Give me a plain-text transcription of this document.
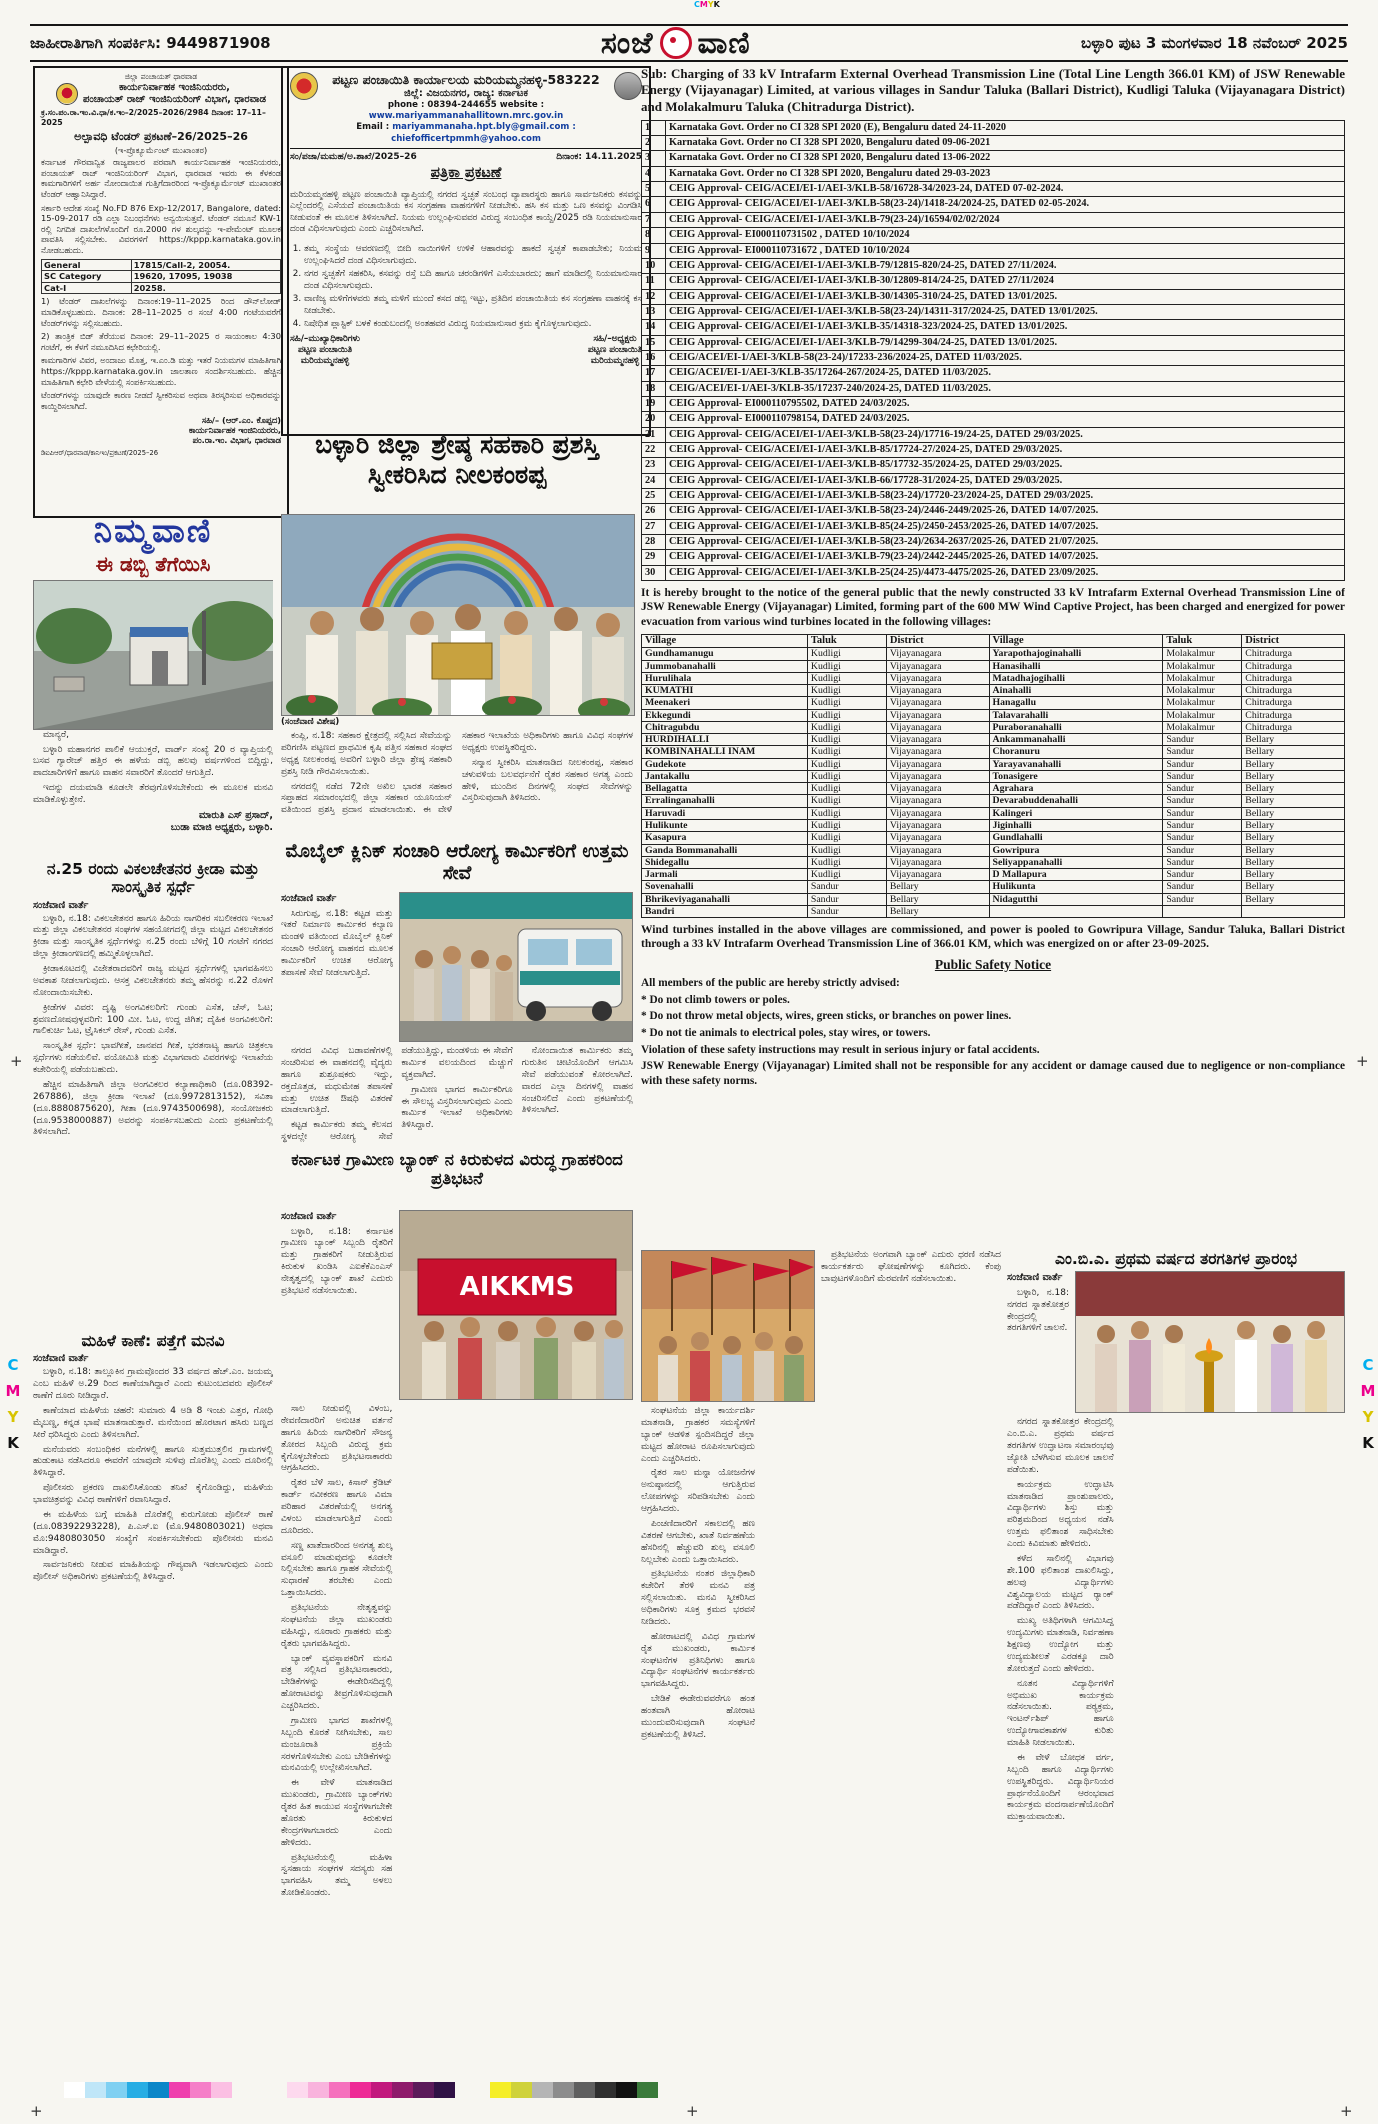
CMYK
C
M
Y
K
C
M
Y
K
+	+
+
+	+
ಜಾಹೀರಾತಿಗಾಗಿ ಸಂಪರ್ಕಿಸಿ: 9449871908	ಸಂಜೆ ವಾಣಿ	ಬಳ್ಳಾರಿ ಪುಟ 3 ಮಂಗಳವಾರ 18 ನವೆಂಬರ್ 2025
ಜಿಲ್ಲಾ ಪಂಚಾಯತ್ ಧಾರವಾಡ
ಕಾರ್ಯನಿರ್ವಾಹಕ ಇಂಜಿನಿಯರರು,
ಪಂಚಾಯತ್ ರಾಜ್ ಇಂಜಿನಿಯರಿಂಗ್ ವಿಭಾಗ, ಧಾರವಾಡ
ಕ್ರ.ಸಂ.ಪಂ.ರಾ.ಇಂ.ವಿ.ಧಾ/ಕ.ಇಂ–2/2025–2026/2984 ದಿನಾಂಕ: 17–11–2025
ಅಲ್ಪಾವಧಿ ಟೆಂಡರ್ ಪ್ರಕಟಣೆ–26/2025–26
(ಇ-ಪ್ರೊಕ್ಯೂರ್ಮೆಂಟ್ ಮುಖಾಂತರ)

ಕರ್ನಾಟಕ ಗೌರವಾನ್ವಿತ ರಾಜ್ಯಪಾಲರ ಪರವಾಗಿ ಕಾರ್ಯನಿರ್ವಾಹಕ ಇಂಜಿನಿಯರರು, ಪಂಚಾಯತ್ ರಾಜ್ ಇಂಜಿನಿಯರಿಂಗ್ ವಿಭಾಗ, ಧಾರವಾಡ ಇವರು ಈ ಕೆಳಕಂಡ ಕಾಮಗಾರಿಗಳಿಗೆ ಅರ್ಹ ನೋಂದಾಯಿತ ಗುತ್ತಿಗೆದಾರರಿಂದ ಇ-ಪ್ರೊಕ್ಯೂರ್ಮೆಂಟ್ ಮುಖಾಂತರ ಟೆಂಡರ್ ಆಹ್ವಾನಿಸಿದ್ದಾರೆ.

ಸರ್ಕಾರಿ ಆದೇಶ ಸಂಖ್ಯೆ No.FD 876 Exp-12/2017, Bangalore, dated: 15-09-2017 ರಡಿ ಎಲ್ಲಾ ನಿಬಂಧನೆಗಳು ಅನ್ವಯಿಸುತ್ತವೆ. ಟೆಂಡರ್ ನಮೂನೆ KW-1 ರಲ್ಲಿ ನಿಗದಿತ ದಾಖಲೆಗಳೊಂದಿಗೆ ರೂ.2000 ಗಳ ಶುಲ್ಕವನ್ನು ಇ-ಪೇಮೆಂಟ್ ಮೂಲಕ ಪಾವತಿಸಿ ಸಲ್ಲಿಸಬೇಕು. ವಿವರಗಳಿಗೆ https://kppp.karnataka.gov.in ನೋಡಬಹುದು.

General	17815/Call-2, 20054.
SC Category	19620, 17095, 19038
Cat-I	20258.

1) ಟೆಂಡರ್ ದಾಖಲೆಗಳನ್ನು ದಿನಾಂಕ:19–11–2025 ರಿಂದ ಡೌನ್‌ಲೋಡ್ ಮಾಡಿಕೊಳ್ಳಬಹುದು. ದಿನಾಂಕ: 28–11–2025 ರ ಸಂಜೆ 4:00 ಗಂಟೆಯವರೆಗೆ ಟೆಂಡರ್‌ಗಳನ್ನು ಸಲ್ಲಿಸಬಹುದು.

2) ತಾಂತ್ರಿಕ ಬಿಡ್ ತೆರೆಯುವ ದಿನಾಂಕ: 29–11–2025 ರ ಸಾಯಂಕಾಲ 4:30 ಗಂಟೆಗೆ, ಈ ಕೆಳಗೆ ನಮೂದಿಸಿದ ಕಛೇರಿಯಲ್ಲಿ.

ಕಾಮಗಾರಿಗಳ ವಿವರ, ಅಂದಾಜು ಮೊತ್ತ, ಇ.ಎಂ.ಡಿ ಮತ್ತು ಇತರೆ ನಿಯಮಗಳ ಮಾಹಿತಿಗಾಗಿ https://kppp.karnataka.gov.in ಜಾಲತಾಣ ಸಂದರ್ಶಿಸಬಹುದು. ಹೆಚ್ಚಿನ ಮಾಹಿತಿಗಾಗಿ ಕಛೇರಿ ವೇಳೆಯಲ್ಲಿ ಸಂಪರ್ಕಿಸಬಹುದು.

ಟೆಂಡರ್‌ಗಳನ್ನು ಯಾವುದೇ ಕಾರಣ ನೀಡದೆ ಸ್ವೀಕರಿಸುವ ಅಥವಾ ತಿರಸ್ಕರಿಸುವ ಅಧಿಕಾರವನ್ನು ಕಾಯ್ದಿರಿಸಲಾಗಿದೆ.

ಸಹಿ/– (ಆರ್.ಎಂ. ಕೊಪ್ಪದ)
ಕಾರ್ಯನಿರ್ವಾಹಕ ಇಂಜಿನಿಯರರು,
ಪಂ.ರಾ.ಇಂ. ವಿಭಾಗ, ಧಾರವಾಡ
ಡಿಐಪಿಆರ್/ಧಾರವಾಡ/ಕಾನಿಇಂ/ಪ್ರಕಟಣೆ/2025–26
ನಿಮ್ಮವಾಣಿ
ಈ ಡಬ್ಬಿ ತೆಗೆಯಿಸಿ

ಮಾನ್ಯರೆ,

ಬಳ್ಳಾರಿ ಮಹಾನಗರ ಪಾಲಿಕೆ ಆಯುಕ್ತರೆ, ವಾರ್ಡ್ ಸಂಖ್ಯೆ 20 ರ ವ್ಯಾಪ್ತಿಯಲ್ಲಿ ಬಸವ ಗ್ಯಾರೇಜ್ ಹತ್ತಿರ ಈ ಹಳೆಯ ಡಬ್ಬಿ ಹಲವು ವರ್ಷಗಳಿಂದ ಬಿದ್ದಿದ್ದು, ಪಾದಚಾರಿಗಳಿಗೆ ಹಾಗೂ ವಾಹನ ಸವಾರರಿಗೆ ತೊಂದರೆ ಆಗುತ್ತಿದೆ.

ಇದನ್ನು ದಯಮಾಡಿ ಕೂಡಲೇ ತೆರವುಗೊಳಿಸಬೇಕೆಂದು ಈ ಮೂಲಕ ಮನವಿ ಮಾಡಿಕೊಳ್ಳುತ್ತೇನೆ.

ಮಾರುತಿ ಎಸ್ ಪ್ರಸಾದ್,
ಬುಡಾ ಮಾಜಿ ಅಧ್ಯಕ್ಷರು, ಬಳ್ಳಾರಿ.
ನ.25 ರಂದು ವಿಕಲಚೇತನರ ಕ್ರೀಡಾ ಮತ್ತು ಸಾಂಸ್ಕೃತಿಕ ಸ್ಪರ್ಧೆ
ಸಂಜೆವಾಣಿ ವಾರ್ತೆ

ಬಳ್ಳಾರಿ, ನ.18: ವಿಕಲಚೇತನರ ಹಾಗೂ ಹಿರಿಯ ನಾಗರಿಕರ ಸಬಲೀಕರಣ ಇಲಾಖೆ ಮತ್ತು ಜಿಲ್ಲಾ ವಿಕಲಚೇತನರ ಸಂಘಗಳ ಸಹಯೋಗದಲ್ಲಿ ಜಿಲ್ಲಾ ಮಟ್ಟದ ವಿಕಲಚೇತನರ ಕ್ರೀಡಾ ಮತ್ತು ಸಾಂಸ್ಕೃತಿಕ ಸ್ಪರ್ಧೆಗಳನ್ನು ನ.25 ರಂದು ಬೆಳಿಗ್ಗೆ 10 ಗಂಟೆಗೆ ನಗರದ ಜಿಲ್ಲಾ ಕ್ರೀಡಾಂಗಣದಲ್ಲಿ ಹಮ್ಮಿಕೊಳ್ಳಲಾಗಿದೆ.

ಕ್ರೀಡಾಕೂಟದಲ್ಲಿ ವಿಜೇತರಾದವರಿಗೆ ರಾಜ್ಯ ಮಟ್ಟದ ಸ್ಪರ್ಧೆಗಳಲ್ಲಿ ಭಾಗವಹಿಸಲು ಅವಕಾಶ ನೀಡಲಾಗುವುದು. ಆಸಕ್ತ ವಿಕಲಚೇತನರು ತಮ್ಮ ಹೆಸರನ್ನು ನ.22 ರೊಳಗೆ ನೋಂದಾಯಿಸಬೇಕು.

ಕ್ರೀಡೆಗಳ ವಿವರ: ದೃಷ್ಟಿ ಅಂಗವಿಕಲರಿಗೆ: ಗುಂಡು ಎಸೆತ, ಚೆಸ್, ಓಟ; ಶ್ರವಣದೋಷವುಳ್ಳವರಿಗೆ: 100 ಮೀ. ಓಟ, ಉದ್ದ ಜಿಗಿತ; ದೈಹಿಕ ಅಂಗವಿಕಲರಿಗೆ: ಗಾಲಿಕುರ್ಚಿ ಓಟ, ಟ್ರೈಸಿಕಲ್ ರೇಸ್, ಗುಂಡು ಎಸೆತ.

ಸಾಂಸ್ಕೃತಿಕ ಸ್ಪರ್ಧೆ: ಭಾವಗೀತೆ, ಜಾನಪದ ಗೀತೆ, ಭರತನಾಟ್ಯ ಹಾಗೂ ಚಿತ್ರಕಲಾ ಸ್ಪರ್ಧೆಗಳು ನಡೆಯಲಿವೆ. ವಯೋಮಿತಿ ಮತ್ತು ವಿಭಾಗವಾರು ವಿವರಗಳನ್ನು ಇಲಾಖೆಯ ಕಚೇರಿಯಲ್ಲಿ ಪಡೆಯಬಹುದು.

ಹೆಚ್ಚಿನ ಮಾಹಿತಿಗಾಗಿ ಜಿಲ್ಲಾ ಅಂಗವಿಕಲರ ಕಲ್ಯಾಣಾಧಿಕಾರಿ (ದೂ.08392-267886), ಜಿಲ್ಲಾ ಕ್ರೀಡಾ ಇಲಾಖೆ (ದೂ.9972813152), ಸವಿತಾ (ದೂ.8880875620), ಗೀತಾ (ದೂ.9743500698), ಸಂಯೋಜಕರು (ದೂ.9538000887) ಅವರನ್ನು ಸಂಪರ್ಕಿಸಬಹುದು ಎಂದು ಪ್ರಕಟಣೆಯಲ್ಲಿ ತಿಳಿಸಲಾಗಿದೆ.

ಮಹಿಳೆ ಕಾಣೆ: ಪತ್ತೆಗೆ ಮನವಿ
ಸಂಜೆವಾಣಿ ವಾರ್ತೆ

ಬಳ್ಳಾರಿ, ನ.18: ತಾಲ್ಲೂಕಿನ ಗ್ರಾಮವೊಂದರ 33 ವರ್ಷದ ಹೆಚ್.ಎಂ. ಜಯಮ್ಮ ಎಂಬ ಮಹಿಳೆ ಅ.29 ರಿಂದ ಕಾಣೆಯಾಗಿದ್ದಾರೆ ಎಂದು ಕುಟುಂಬದವರು ಪೊಲೀಸ್ ಠಾಣೆಗೆ ದೂರು ನೀಡಿದ್ದಾರೆ.

ಕಾಣೆಯಾದ ಮಹಿಳೆಯ ಚಹರೆ: ಸುಮಾರು 4 ಅಡಿ 8 ಇಂಚು ಎತ್ತರ, ಗೋಧಿ ಮೈಬಣ್ಣ, ಕನ್ನಡ ಭಾಷೆ ಮಾತನಾಡುತ್ತಾರೆ. ಮನೆಯಿಂದ ಹೊರಟಾಗ ಹಸಿರು ಬಣ್ಣದ ಸೀರೆ ಧರಿಸಿದ್ದರು ಎಂದು ತಿಳಿಸಲಾಗಿದೆ.

ಮನೆಯವರು ಸಂಬಂಧಿಕರ ಮನೆಗಳಲ್ಲಿ ಹಾಗೂ ಸುತ್ತಮುತ್ತಲಿನ ಗ್ರಾಮಗಳಲ್ಲಿ ಹುಡುಕಾಟ ನಡೆಸಿದರೂ ಈವರೆಗೆ ಯಾವುದೇ ಸುಳಿವು ದೊರೆತಿಲ್ಲ ಎಂದು ದೂರಿನಲ್ಲಿ ತಿಳಿಸಿದ್ದಾರೆ.

ಪೊಲೀಸರು ಪ್ರಕರಣ ದಾಖಲಿಸಿಕೊಂಡು ತನಿಖೆ ಕೈಗೊಂಡಿದ್ದು, ಮಹಿಳೆಯ ಭಾವಚಿತ್ರವನ್ನು ವಿವಿಧ ಠಾಣೆಗಳಿಗೆ ರವಾನಿಸಿದ್ದಾರೆ.

ಈ ಮಹಿಳೆಯ ಬಗ್ಗೆ ಮಾಹಿತಿ ದೊರೆತಲ್ಲಿ ಕುರುಗೋಡು ಪೊಲೀಸ್ ಠಾಣೆ (ದೂ.08392293228), ಪಿ.ಎಸ್.ಐ (ಮೊ.9480803021) ಅಥವಾ ಮೊ:9480803050 ಸಂಖ್ಯೆಗೆ ಸಂಪರ್ಕಿಸಬೇಕೆಂದು ಪೊಲೀಸರು ಮನವಿ ಮಾಡಿದ್ದಾರೆ.

ಸಾರ್ವಜನಿಕರು ನೀಡುವ ಮಾಹಿತಿಯನ್ನು ಗೌಪ್ಯವಾಗಿ ಇಡಲಾಗುವುದು ಎಂದು ಪೊಲೀಸ್ ಅಧಿಕಾರಿಗಳು ಪ್ರಕಟಣೆಯಲ್ಲಿ ತಿಳಿಸಿದ್ದಾರೆ.

ಪಟ್ಟಣ ಪಂಚಾಯಿತಿ ಕಾರ್ಯಾಲಯ ಮರಿಯಮ್ಮನಹಳ್ಳಿ-583222
ಜಿಲ್ಲೆ: ವಿಜಯನಗರ, ರಾಜ್ಯ: ಕರ್ನಾಟಕ
phone : 08394-244655 website : www.mariyammanahallitown.mrc.gov.in
Email : mariyammanaha.hpt.bly@gmail.com : chiefofficertpmmh@yahoo.com
ಸಂ/ಪಜಾ/ಮಮಹ/ಅ.ಶಾಖೆ/2025–26	ದಿನಾಂಕ: 14.11.2025
ಪತ್ರಿಕಾ ಪ್ರಕಟಣೆ

ಮರಿಯಮ್ಮನಹಳ್ಳಿ ಪಟ್ಟಣ ಪಂಚಾಯಿತಿ ವ್ಯಾಪ್ತಿಯಲ್ಲಿ ನಗರದ ಸ್ವಚ್ಛತೆ ಸಂಬಂಧ ವ್ಯಾಪಾರಸ್ಥರು ಹಾಗೂ ಸಾರ್ವಜನಿಕರು ಕಸವನ್ನು ಎಲ್ಲೆಂದರಲ್ಲಿ ಎಸೆಯದೆ ಪಂಚಾಯಿತಿಯ ಕಸ ಸಂಗ್ರಹಣಾ ವಾಹನಗಳಿಗೆ ನೀಡಬೇಕು. ಹಸಿ ಕಸ ಮತ್ತು ಒಣ ಕಸವನ್ನು ವಿಂಗಡಿಸಿ ನೀಡುವಂತೆ ಈ ಮೂಲಕ ತಿಳಿಸಲಾಗಿದೆ. ನಿಯಮ ಉಲ್ಲಂಘಿಸುವವರ ವಿರುದ್ಧ ಸಂಬಂಧಿತ ಕಾಯ್ದೆ/2025 ರಡಿ ನಿಯಮಾನುಸಾರ ದಂಡ ವಿಧಿಸಲಾಗುವುದು ಎಂದು ಎಚ್ಚರಿಸಲಾಗಿದೆ.

1. ತಮ್ಮ ಸಂಸ್ಥೆಯ ಆವರಣದಲ್ಲಿ ಬೀದಿ ನಾಯಿಗಳಿಗೆ ಉಳಿಕೆ ಆಹಾರವನ್ನು ಹಾಕದೆ ಸ್ವಚ್ಛತೆ ಕಾಪಾಡಬೇಕು; ನಿಯಮ ಉಲ್ಲಂಘಿಸಿದರೆ ದಂಡ ವಿಧಿಸಲಾಗುವುದು.
2. ನಗರ ಸ್ವಚ್ಛತೆಗೆ ಸಹಕರಿಸಿ, ಕಸವನ್ನು ರಸ್ತೆ ಬದಿ ಹಾಗೂ ಚರಂಡಿಗಳಿಗೆ ಎಸೆಯಬಾರದು; ಹಾಗೆ ಮಾಡಿದಲ್ಲಿ ನಿಯಮಾನುಸಾರ ದಂಡ ವಿಧಿಸಲಾಗುವುದು.
3. ವಾಣಿಜ್ಯ ಮಳಿಗೆಗಳವರು ತಮ್ಮ ಮಳಿಗೆ ಮುಂದೆ ಕಸದ ಡಬ್ಬಿ ಇಟ್ಟು, ಪ್ರತಿದಿನ ಪಂಚಾಯಿತಿಯ ಕಸ ಸಂಗ್ರಹಣಾ ವಾಹನಕ್ಕೆ ಕಸ ನೀಡಬೇಕು.
4. ನಿಷೇಧಿತ ಪ್ಲಾಸ್ಟಿಕ್ ಬಳಕೆ ಕಂಡುಬಂದಲ್ಲಿ ಅಂತಹವರ ವಿರುದ್ಧ ನಿಯಮಾನುಸಾರ ಕ್ರಮ ಕೈಗೊಳ್ಳಲಾಗುವುದು.
ಸಹಿ/–ಮುಖ್ಯಾಧಿಕಾರಿಗಳು
ಪಟ್ಟಣ ಪಂಚಾಯಿತಿ
ಮರಿಯಮ್ಮನಹಳ್ಳಿ
ಸಹಿ/–ಅಧ್ಯಕ್ಷರು
ಪಟ್ಟಣ ಪಂಚಾಯಿತಿ
ಮರಿಯಮ್ಮನಹಳ್ಳಿ
ಬಳ್ಳಾರಿ ಜಿಲ್ಲಾ ಶ್ರೇಷ್ಠ ಸಹಕಾರಿ ಪ್ರಶಸ್ತಿ ಸ್ವೀಕರಿಸಿದ ನೀಲಕಂಠಪ್ಪ
(ಸಂಜೆವಾಣಿ ವಿಶೇಷ)

ಕಂಪ್ಲಿ, ನ.18: ಸಹಕಾರ ಕ್ಷೇತ್ರದಲ್ಲಿ ಸಲ್ಲಿಸಿದ ಸೇವೆಯನ್ನು ಪರಿಗಣಿಸಿ ಪಟ್ಟಣದ ಪ್ರಾಥಮಿಕ ಕೃಷಿ ಪತ್ತಿನ ಸಹಕಾರ ಸಂಘದ ಅಧ್ಯಕ್ಷ ನೀಲಕಂಠಪ್ಪ ಅವರಿಗೆ ಬಳ್ಳಾರಿ ಜಿಲ್ಲಾ ಶ್ರೇಷ್ಠ ಸಹಕಾರಿ ಪ್ರಶಸ್ತಿ ನೀಡಿ ಗೌರವಿಸಲಾಯಿತು.

ನಗರದಲ್ಲಿ ನಡೆದ 72ನೇ ಅಖಿಲ ಭಾರತ ಸಹಕಾರ ಸಪ್ತಾಹದ ಸಮಾರಂಭದಲ್ಲಿ ಜಿಲ್ಲಾ ಸಹಕಾರ ಯೂನಿಯನ್ ವತಿಯಿಂದ ಪ್ರಶಸ್ತಿ ಪ್ರದಾನ ಮಾಡಲಾಯಿತು. ಈ ವೇಳೆ ಸಹಕಾರ ಇಲಾಖೆಯ ಅಧಿಕಾರಿಗಳು ಹಾಗೂ ವಿವಿಧ ಸಂಘಗಳ ಅಧ್ಯಕ್ಷರು ಉಪಸ್ಥಿತರಿದ್ದರು.

ಸನ್ಮಾನ ಸ್ವೀಕರಿಸಿ ಮಾತನಾಡಿದ ನೀಲಕಂಠಪ್ಪ, ಸಹಕಾರ ಚಳುವಳಿಯ ಬಲವರ್ಧನೆಗೆ ರೈತರ ಸಹಕಾರ ಅಗತ್ಯ ಎಂದು ಹೇಳಿ, ಮುಂದಿನ ದಿನಗಳಲ್ಲಿ ಸಂಘದ ಸೇವೆಗಳನ್ನು ವಿಸ್ತರಿಸುವುದಾಗಿ ತಿಳಿಸಿದರು.

ಮೊಬೈಲ್ ಕ್ಲಿನಿಕ್ ಸಂಚಾರಿ ಆರೋಗ್ಯ ಕಾರ್ಮಿಕರಿಗೆ ಉತ್ತಮ ಸೇವೆ
ಸಂಜೆವಾಣಿ ವಾರ್ತೆ

ಸಿರುಗುಪ್ಪ, ನ.18: ಕಟ್ಟಡ ಮತ್ತು ಇತರೆ ನಿರ್ಮಾಣ ಕಾರ್ಮಿಕರ ಕಲ್ಯಾಣ ಮಂಡಳಿ ವತಿಯಿಂದ ಮೊಬೈಲ್ ಕ್ಲಿನಿಕ್ ಸಂಚಾರಿ ಆರೋಗ್ಯ ವಾಹನದ ಮೂಲಕ ಕಾರ್ಮಿಕರಿಗೆ ಉಚಿತ ಆರೋಗ್ಯ ತಪಾಸಣೆ ಸೇವೆ ನೀಡಲಾಗುತ್ತಿದೆ.

ನಗರದ ವಿವಿಧ ಬಡಾವಣೆಗಳಲ್ಲಿ ಸಂಚರಿಸುವ ಈ ವಾಹನದಲ್ಲಿ ವೈದ್ಯರು ಹಾಗೂ ಶುಶ್ರೂಷಕರು ಇದ್ದು, ರಕ್ತದೊತ್ತಡ, ಮಧುಮೇಹ ತಪಾಸಣೆ ಮತ್ತು ಉಚಿತ ಔಷಧಿ ವಿತರಣೆ ಮಾಡಲಾಗುತ್ತಿದೆ.

ಕಟ್ಟಡ ಕಾರ್ಮಿಕರು ತಮ್ಮ ಕೆಲಸದ ಸ್ಥಳದಲ್ಲೇ ಆರೋಗ್ಯ ಸೇವೆ ಪಡೆಯುತ್ತಿದ್ದು, ಮಂಡಳಿಯ ಈ ಸೇವೆಗೆ ಕಾರ್ಮಿಕ ವಲಯದಿಂದ ಮೆಚ್ಚುಗೆ ವ್ಯಕ್ತವಾಗಿದೆ.

ಗ್ರಾಮೀಣ ಭಾಗದ ಕಾರ್ಮಿಕರಿಗೂ ಈ ಸೌಲಭ್ಯ ವಿಸ್ತರಿಸಲಾಗುವುದು ಎಂದು ಕಾರ್ಮಿಕ ಇಲಾಖೆ ಅಧಿಕಾರಿಗಳು ತಿಳಿಸಿದ್ದಾರೆ.

ನೋಂದಾಯಿತ ಕಾರ್ಮಿಕರು ತಮ್ಮ ಗುರುತಿನ ಚೀಟಿಯೊಂದಿಗೆ ಆಗಮಿಸಿ ಸೇವೆ ಪಡೆಯುವಂತೆ ಕೋರಲಾಗಿದೆ. ವಾರದ ಎಲ್ಲಾ ದಿನಗಳಲ್ಲಿ ವಾಹನ ಸಂಚರಿಸಲಿದೆ ಎಂದು ಪ್ರಕಟಣೆಯಲ್ಲಿ ತಿಳಿಸಲಾಗಿದೆ.

ಕರ್ನಾಟಕ ಗ್ರಾಮೀಣ ಬ್ಯಾಂಕ್ ನ ಕಿರುಕುಳದ ವಿರುದ್ಧ ಗ್ರಾಹಕರಿಂದ ಪ್ರತಿಭಟನೆ
ಸಂಜೆವಾಣಿ ವಾರ್ತೆ

ಬಳ್ಳಾರಿ, ನ.18: ಕರ್ನಾಟಕ ಗ್ರಾಮೀಣ ಬ್ಯಾಂಕ್ ಸಿಬ್ಬಂದಿ ರೈತರಿಗೆ ಮತ್ತು ಗ್ರಾಹಕರಿಗೆ ನೀಡುತ್ತಿರುವ ಕಿರುಕುಳ ಖಂಡಿಸಿ ಎಐಕೆಕೆಎಂಎಸ್ ನೇತೃತ್ವದಲ್ಲಿ ಬ್ಯಾಂಕ್ ಶಾಖೆ ಎದುರು ಪ್ರತಿಭಟನೆ ನಡೆಸಲಾಯಿತು.	AIKKMS

ಸಾಲ ನೀಡುವಲ್ಲಿ ವಿಳಂಬ, ಠೇವಣಿದಾರರಿಗೆ ಅನುಚಿತ ವರ್ತನೆ ಹಾಗೂ ಹಿರಿಯ ನಾಗರಿಕರಿಗೆ ಸೌಜನ್ಯ ತೋರದ ಸಿಬ್ಬಂದಿ ವಿರುದ್ಧ ಕ್ರಮ ಕೈಗೊಳ್ಳಬೇಕೆಂದು ಪ್ರತಿಭಟನಾಕಾರರು ಆಗ್ರಹಿಸಿದರು.

ರೈತರ ಬೆಳೆ ಸಾಲ, ಕಿಸಾನ್ ಕ್ರೆಡಿಟ್ ಕಾರ್ಡ್ ನವೀಕರಣ ಹಾಗೂ ವಿಮಾ ಪರಿಹಾರ ವಿತರಣೆಯಲ್ಲಿ ಅನಗತ್ಯ ವಿಳಂಬ ಮಾಡಲಾಗುತ್ತಿದೆ ಎಂದು ದೂರಿದರು.

ಸಣ್ಣ ಖಾತೆದಾರರಿಂದ ಅನಗತ್ಯ ಶುಲ್ಕ ವಸೂಲಿ ಮಾಡುವುದನ್ನು ಕೂಡಲೇ ನಿಲ್ಲಿಸಬೇಕು ಹಾಗೂ ಗ್ರಾಹಕ ಸೇವೆಯಲ್ಲಿ ಸುಧಾರಣೆ ತರಬೇಕು ಎಂದು ಒತ್ತಾಯಿಸಿದರು.

ಪ್ರತಿಭಟನೆಯ ನೇತೃತ್ವವನ್ನು ಸಂಘಟನೆಯ ಜಿಲ್ಲಾ ಮುಖಂಡರು ವಹಿಸಿದ್ದು, ನೂರಾರು ಗ್ರಾಹಕರು ಮತ್ತು ರೈತರು ಭಾಗವಹಿಸಿದ್ದರು.

ಬ್ಯಾಂಕ್ ವ್ಯವಸ್ಥಾಪಕರಿಗೆ ಮನವಿ ಪತ್ರ ಸಲ್ಲಿಸಿದ ಪ್ರತಿಭಟನಾಕಾರರು, ಬೇಡಿಕೆಗಳನ್ನು ಈಡೇರಿಸದಿದ್ದಲ್ಲಿ ಹೋರಾಟವನ್ನು ತೀವ್ರಗೊಳಿಸುವುದಾಗಿ ಎಚ್ಚರಿಸಿದರು.

ಗ್ರಾಮೀಣ ಭಾಗದ ಶಾಖೆಗಳಲ್ಲಿ ಸಿಬ್ಬಂದಿ ಕೊರತೆ ನೀಗಿಸಬೇಕು, ಸಾಲ ಮಂಜೂರಾತಿ ಪ್ರಕ್ರಿಯೆ ಸರಳಗೊಳಿಸಬೇಕು ಎಂಬ ಬೇಡಿಕೆಗಳನ್ನು ಮನವಿಯಲ್ಲಿ ಉಲ್ಲೇಖಿಸಲಾಗಿದೆ.

ಈ ವೇಳೆ ಮಾತನಾಡಿದ ಮುಖಂಡರು, ಗ್ರಾಮೀಣ ಬ್ಯಾಂಕ್‌ಗಳು ರೈತರ ಹಿತ ಕಾಯುವ ಸಂಸ್ಥೆಗಳಾಗಬೇಕೇ ಹೊರತು ಕಿರುಕುಳದ ಕೇಂದ್ರಗಳಾಗಬಾರದು ಎಂದು ಹೇಳಿದರು.

ಪ್ರತಿಭಟನೆಯಲ್ಲಿ ಮಹಿಳಾ ಸ್ವಸಹಾಯ ಸಂಘಗಳ ಸದಸ್ಯರು ಸಹ ಭಾಗವಹಿಸಿ ತಮ್ಮ ಅಳಲು ತೋಡಿಕೊಂಡರು.

S​ub: Charging of 33 kV Intrafarm External Overhead Transmission Line (Total Line Length 366.01 KM) of JSW Renewable Energy (Vijayanagar) Limited, at various villages in Sandur Taluka (Ballari District), Kudligi Taluka (Vijayanagara District) and Molakalmuru Taluka (Chitradurga District).
1	Karnataka Govt. Order no CI 328 SPI 2020 (E), Bengaluru dated 24-11-2020
2	Karnataka Govt. Order no CI 328 SPI 2020, Bengaluru dated 09-06-2021
3	Karnataka Govt. Order no CI 328 SPI 2020, Bengaluru dated 13-06-2022
4	Karnataka Govt. Order no CI 328 SPI 2020, Bengaluru dated 29-03-2023
5	CEIG Approval- CEIG/ACEI/EI-1/AEI-3/KLB-58/16728-34/2023-24, DATED 07-02-2024.
6	CEIG Approval- CEIG/ACEI/EI-1/AEI-3/KLB-58(23-24)/1418-24/2024-25, DATED 02-05-2024.
7	CEIG Approval- CEIG/ACEI/EI-1/AEI-3/KLB-79(23-24)/16594/02/02/2024
8	CEIG Approval- EI000110731502 , DATED 10/10/2024
9	CEIG Approval- EI000110731672 , DATED 10/10/2024
10	CEIG Approval- CEIG/ACEI/EI-1/AEI-3/KLB-79/12815-820/24-25, DATED 27/11/2024.
11	CEIG Approval- CEIG/ACEI/EI-1/AEI-3/KLB-30/12809-814/24-25, DATED 27/11/2024
12	CEIG Approval- CEIG/ACEI/EI-1/AEI-3/KLB-30/14305-310/24-25, DATED 13/01/2025.
13	CEIG Approval- CEIG/ACEI/EI-1/AEI-3/KLB-58(23-24)/14311-317/2024-25, DATED 13/01/2025.
14	CEIG Approval- CEIG/ACEI/EI-1/AEI-3/KLB-35/14318-323/2024-25, DATED 13/01/2025.
15	CEIG Approval- CEIG/ACEI/EI-1/AEI-3/KLB-79/14299-304/24-25, DATED 13/01/2025.
16	CEIG/ACEI/EI-1/AEI-3/KLB-58(23-24)/17233-236/2024-25, DATED 11/03/2025.
17	CEIG/ACEI/EI-1/AEI-3/KLB-35/17264-267/2024-25, DATED 11/03/2025.
18	CEIG/ACEI/EI-1/AEI-3/KLB-35/17237-240/2024-25, DATED 11/03/2025.
19	CEIG Approval- EI000110795502, DATED 24/03/2025.
20	CEIG Approval- EI000110798154, DATED 24/03/2025.
21	CEIG Approval- CEIG/ACEI/EI-1/AEI-3/KLB-58(23-24)/17716-19/24-25, DATED 29/03/2025.
22	CEIG Approval- CEIG/ACEI/EI-1/AEI-3/KLB-85/17724-27/2024-25, DATED 29/03/2025.
23	CEIG Approval- CEIG/ACEI/EI-1/AEI-3/KLB-85/17732-35/2024-25, DATED 29/03/2025.
24	CEIG Approval- CEIG/ACEI/EI-1/AEI-3/KLB-66/17728-31/2024-25, DATED 29/03/2025.
25	CEIG Approval- CEIG/ACEI/EI-1/AEI-3/KLB-58(23-24)/17720-23/2024-25, DATED 29/03/2025.
26	CEIG Approval- CEIG/ACEI/EI-1/AEI-3/KLB-58(23-24)/2446-2449/2025-26, DATED 14/07/2025.
27	CEIG Approval- CEIG/ACEI/EI-1/AEI-3/KLB-85(24-25)/2450-2453/2025-26, DATED 14/07/2025.
28	CEIG Approval- CEIG/ACEI/EI-1/AEI-3/KLB-58(23-24)/2634-2637/2025-26, DATED 21/07/2025.
29	CEIG Approval- CEIG/ACEI/EI-1/AEI-3/KLB-79(23-24)/2442-2445/2025-26, DATED 14/07/2025.
30	CEIG Approval- CEIG/ACEI/EI-1/AEI-3/KLB-25(24-25)/4473-4475/2025-26, DATED 23/09/2025.
It is hereby brought to the notice of the general public that the newly constructed 33 kV Intrafarm External Overhead Transmission Line of JSW Renewable Energy (Vijayanagar) Limited, forming part of the 600 MW Wind Captive Project, has been charged and energized for power evacuation from various wind turbines located in the following villages:
Village	Taluk	District	Village	Taluk	District
Gundhamanugu	Kudligi	Vijayanagara	Yarapothajoginahalli	Molakalmur	Chitradurga
Jummobanahalli	Kudligi	Vijayanagara	Hanasihalli	Molakalmur	Chitradurga
Hurulihala	Kudligi	Vijayanagara	Matadhajogihalli	Molakalmur	Chitradurga
KUMATHI	Kudligi	Vijayanagara	Ainahalli	Molakalmur	Chitradurga
Meenakeri	Kudligi	Vijayanagara	Hanagallu	Molakalmur	Chitradurga
Ekkegundi	Kudligi	Vijayanagara	Talavarahalli	Molakalmur	Chitradurga
Chitragubdu	Kudligi	Vijayanagara	Puraboranahalli	Molakalmur	Chitradurga
HURDIHALLI	Kudligi	Vijayanagara	Ankammanahalli	Sandur	Bellary
KOMBINAHALLI INAM	Kudligi	Vijayanagara	Choranuru	Sandur	Bellary
Gudekote	Kudligi	Vijayanagara	Yarayavanahalli	Sandur	Bellary
Jantakallu	Kudligi	Vijayanagara	Tonasigere	Sandur	Bellary
Bellagatta	Kudligi	Vijayanagara	Agrahara	Sandur	Bellary
Erralinganahalli	Kudligi	Vijayanagara	Devarabuddenahalli	Sandur	Bellary
Haruvadi	Kudligi	Vijayanagara	Kalingeri	Sandur	Bellary
Hulikunte	Kudligi	Vijayanagara	Jiginhalli	Sandur	Bellary
Kasapura	Kudligi	Vijayanagara	Gundlahalli	Sandur	Bellary
Ganda Bommanahalli	Kudligi	Vijayanagara	Gowripura	Sandur	Bellary
Shidegallu	Kudligi	Vijayanagara	Seliyappanahalli	Sandur	Bellary
Jarmali	Kudligi	Vijayanagara	D Mallapura	Sandur	Bellary
Sovenahalli	Sandur	Bellary	Hulikunta	Sandur	Bellary
Bhrikeviyaganahalli	Sandur	Bellary	Nidagutthi	Sandur	Bellary
Bandri	Sandur	Bellary			
Wind turbines installed in the above villages are commissioned, and power is pooled to Gowripura Village, Sandur Taluka, Ballari District through a 33 kV Intrafarm Overhead Transmission Line of 366.01 KM, which was energized on or after 23-09-2025.
Public Safety Notice

All members of the public are hereby strictly advised:

* Do not climb towers or poles.

* Do not throw metal objects, wires, green sticks, or branches on power lines.

* Do not tie animals to electrical poles, stay wires, or towers.

Violation of these safety instructions may result in serious injury or fatal accidents.

JSW Renewable Energy (Vijayanagar) Limited shall not be responsible for any accident or damage caused due to negligence or non-compliance with these safety norms.

ಪ್ರತಿಭಟನೆಯ ಅಂಗವಾಗಿ ಬ್ಯಾಂಕ್ ಎದುರು ಧರಣಿ ನಡೆಸಿದ ಕಾರ್ಯಕರ್ತರು ಘೋಷಣೆಗಳನ್ನು ಕೂಗಿದರು. ಕೆಂಪು ಬಾವುಟಗಳೊಂದಿಗೆ ಮೆರವಣಿಗೆ ನಡೆಸಲಾಯಿತು.

ಸಂಘಟನೆಯ ಜಿಲ್ಲಾ ಕಾರ್ಯದರ್ಶಿ ಮಾತನಾಡಿ, ಗ್ರಾಹಕರ ಸಮಸ್ಯೆಗಳಿಗೆ ಬ್ಯಾಂಕ್ ಆಡಳಿತ ಸ್ಪಂದಿಸದಿದ್ದರೆ ಜಿಲ್ಲಾ ಮಟ್ಟದ ಹೋರಾಟ ರೂಪಿಸಲಾಗುವುದು ಎಂದು ಎಚ್ಚರಿಸಿದರು.

ರೈತರ ಸಾಲ ಮನ್ನಾ ಯೋಜನೆಗಳ ಅನುಷ್ಠಾನದಲ್ಲಿ ಆಗುತ್ತಿರುವ ಲೋಪಗಳನ್ನು ಸರಿಪಡಿಸಬೇಕು ಎಂದು ಆಗ್ರಹಿಸಿದರು.

ಪಿಂಚಣಿದಾರರಿಗೆ ಸಕಾಲದಲ್ಲಿ ಹಣ ವಿತರಣೆ ಆಗಬೇಕು, ಖಾತೆ ನಿರ್ವಹಣೆಯ ಹೆಸರಿನಲ್ಲಿ ಹೆಚ್ಚುವರಿ ಶುಲ್ಕ ವಸೂಲಿ ನಿಲ್ಲಬೇಕು ಎಂದು ಒತ್ತಾಯಿಸಿದರು.

ಪ್ರತಿಭಟನೆಯ ನಂತರ ಜಿಲ್ಲಾಧಿಕಾರಿ ಕಚೇರಿಗೆ ತೆರಳಿ ಮನವಿ ಪತ್ರ ಸಲ್ಲಿಸಲಾಯಿತು. ಮನವಿ ಸ್ವೀಕರಿಸಿದ ಅಧಿಕಾರಿಗಳು ಸೂಕ್ತ ಕ್ರಮದ ಭರವಸೆ ನೀಡಿದರು.

ಹೋರಾಟದಲ್ಲಿ ವಿವಿಧ ಗ್ರಾಮಗಳ ರೈತ ಮುಖಂಡರು, ಕಾರ್ಮಿಕ ಸಂಘಟನೆಗಳ ಪ್ರತಿನಿಧಿಗಳು ಹಾಗೂ ವಿದ್ಯಾರ್ಥಿ ಸಂಘಟನೆಗಳ ಕಾರ್ಯಕರ್ತರು ಭಾಗವಹಿಸಿದ್ದರು.

ಬೇಡಿಕೆ ಈಡೇರುವವರೆಗೂ ಹಂತ ಹಂತವಾಗಿ ಹೋರಾಟ ಮುಂದುವರಿಸುವುದಾಗಿ ಸಂಘಟನೆ ಪ್ರಕಟಣೆಯಲ್ಲಿ ತಿಳಿಸಿದೆ.

ಎಂ.ಬಿ.ಎ. ಪ್ರಥಮ ವರ್ಷದ ತರಗತಿಗಳ ಪ್ರಾರಂಭ
ಸಂಜೆವಾಣಿ ವಾರ್ತೆ

ಬಳ್ಳಾರಿ, ನ.18: ನಗರದ ಸ್ನಾತಕೋತ್ತರ ಕೇಂದ್ರದಲ್ಲಿ ತರಗತಿಗಳಿಗೆ ಚಾಲನೆ.

ನಗರದ ಸ್ನಾತಕೋತ್ತರ ಕೇಂದ್ರದಲ್ಲಿ ಎಂ.ಬಿ.ಎ. ಪ್ರಥಮ ವರ್ಷದ ತರಗತಿಗಳ ಉದ್ಘಾಟನಾ ಸಮಾರಂಭವು ಜ್ಯೋತಿ ಬೆಳಗಿಸುವ ಮೂಲಕ ಚಾಲನೆ ಪಡೆಯಿತು.

ಕಾರ್ಯಕ್ರಮ ಉದ್ಘಾಟಿಸಿ ಮಾತನಾಡಿದ ಪ್ರಾಂಶುಪಾಲರು, ವಿದ್ಯಾರ್ಥಿಗಳು ಶಿಸ್ತು ಮತ್ತು ಪರಿಶ್ರಮದಿಂದ ಅಧ್ಯಯನ ನಡೆಸಿ ಉತ್ತಮ ಫಲಿತಾಂಶ ಸಾಧಿಸಬೇಕು ಎಂದು ಕಿವಿಮಾತು ಹೇಳಿದರು.

ಕಳೆದ ಸಾಲಿನಲ್ಲಿ ವಿಭಾಗವು ಶೇ.100 ಫಲಿತಾಂಶ ದಾಖಲಿಸಿದ್ದು, ಹಲವು ವಿದ್ಯಾರ್ಥಿಗಳು ವಿಶ್ವವಿದ್ಯಾಲಯ ಮಟ್ಟದ ರ‍್ಯಾಂಕ್ ಪಡೆದಿದ್ದಾರೆ ಎಂದು ತಿಳಿಸಿದರು.

ಮುಖ್ಯ ಅತಿಥಿಗಳಾಗಿ ಆಗಮಿಸಿದ್ದ ಉದ್ಯಮಿಗಳು ಮಾತನಾಡಿ, ನಿರ್ವಹಣಾ ಶಿಕ್ಷಣವು ಉದ್ಯೋಗ ಮತ್ತು ಉದ್ಯಮಶೀಲತೆ ಎರಡಕ್ಕೂ ದಾರಿ ತೋರುತ್ತದೆ ಎಂದು ಹೇಳಿದರು.

ನೂತನ ವಿದ್ಯಾರ್ಥಿಗಳಿಗೆ ಅಭಿಮುಖ ಕಾರ್ಯಕ್ರಮ ನಡೆಸಲಾಯಿತು. ಪಠ್ಯಕ್ರಮ, ಇಂಟರ್ನ್‌ಶಿಪ್ ಹಾಗೂ ಉದ್ಯೋಗಾವಕಾಶಗಳ ಕುರಿತು ಮಾಹಿತಿ ನೀಡಲಾಯಿತು.

ಈ ವೇಳೆ ಬೋಧಕ ವರ್ಗ, ಸಿಬ್ಬಂದಿ ಹಾಗೂ ವಿದ್ಯಾರ್ಥಿಗಳು ಉಪಸ್ಥಿತರಿದ್ದರು. ವಿದ್ಯಾರ್ಥಿನಿಯರ ಪ್ರಾರ್ಥನೆಯೊಂದಿಗೆ ಆರಂಭವಾದ ಕಾರ್ಯಕ್ರಮ ವಂದನಾರ್ಪಣೆಯೊಂದಿಗೆ ಮುಕ್ತಾಯವಾಯಿತು.
